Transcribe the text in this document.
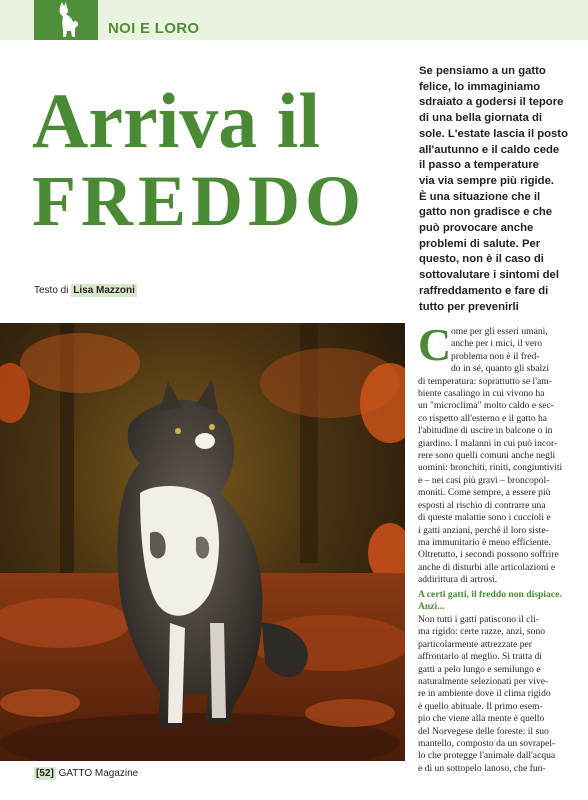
NOI E LORO
Arriva il
FREDDO
Testo di Lisa Mazzoni
Se pensiamo a un gatto
felice, lo immaginiamo
sdraiato a godersi il tepore
di una bella giornata di
sole. L'estate lascia il posto
all'autunno e il caldo cede
il passo a temperature
via via sempre più rigide.
È una situazione che il
gatto non gradisce e che
può provocare anche
problemi di salute. Per
questo, non è il caso di
sottovalutare i sintomi del
raffreddamento e fare di
tutto per prevenirli
C ome per gli esseri umani,
anche per i mici, il vero
problema non è il fred-
do in sé, quanto gli sbalzi
di temperatura: soprattutto se l'am-
biente casalingo in cui vivono ha
un "microclima" molto caldo e sec-
co rispetto all'esterno e il gatto ha
l'abitudine di uscire in balcone o in
giardino. I malanni in cui può incor-
rere sono quelli comuni anche negli
uomini: bronchiti, riniti, congiuntiviti
e – nei casi più gravi – broncopol-
moniti. Come sempre, a essere più
esposti al rischio di contrarre una
di queste malattie sono i cuccioli e
i gatti anziani, perché il loro siste-
ma immunitario è meno efficiente.
Oltretutto, i secondi possono soffrire
anche di disturbi alle articolazioni e
addirittura di artrosi.
A certi gatti, il freddo non dispiace.
Anzi...
Non tutti i gatti patiscono il cli-
ma rigido: certe razze, anzi, sono
particolarmente attrezzate per
affrontarlo al meglio. Si tratta di
gatti a pelo lungo e semilungo e
naturalmente selezionati per vive-
re in ambiente dove il clima rigido
è quello abituale. Il primo esem-
pio che viene alla mente è quello
del Norvegese delle foreste: il suo
mantello, composto da un sovrapel-
lo che protegge l'animale dall'acqua
e di un sottopelo lanoso, che fun-
[52] GATTO Magazine
